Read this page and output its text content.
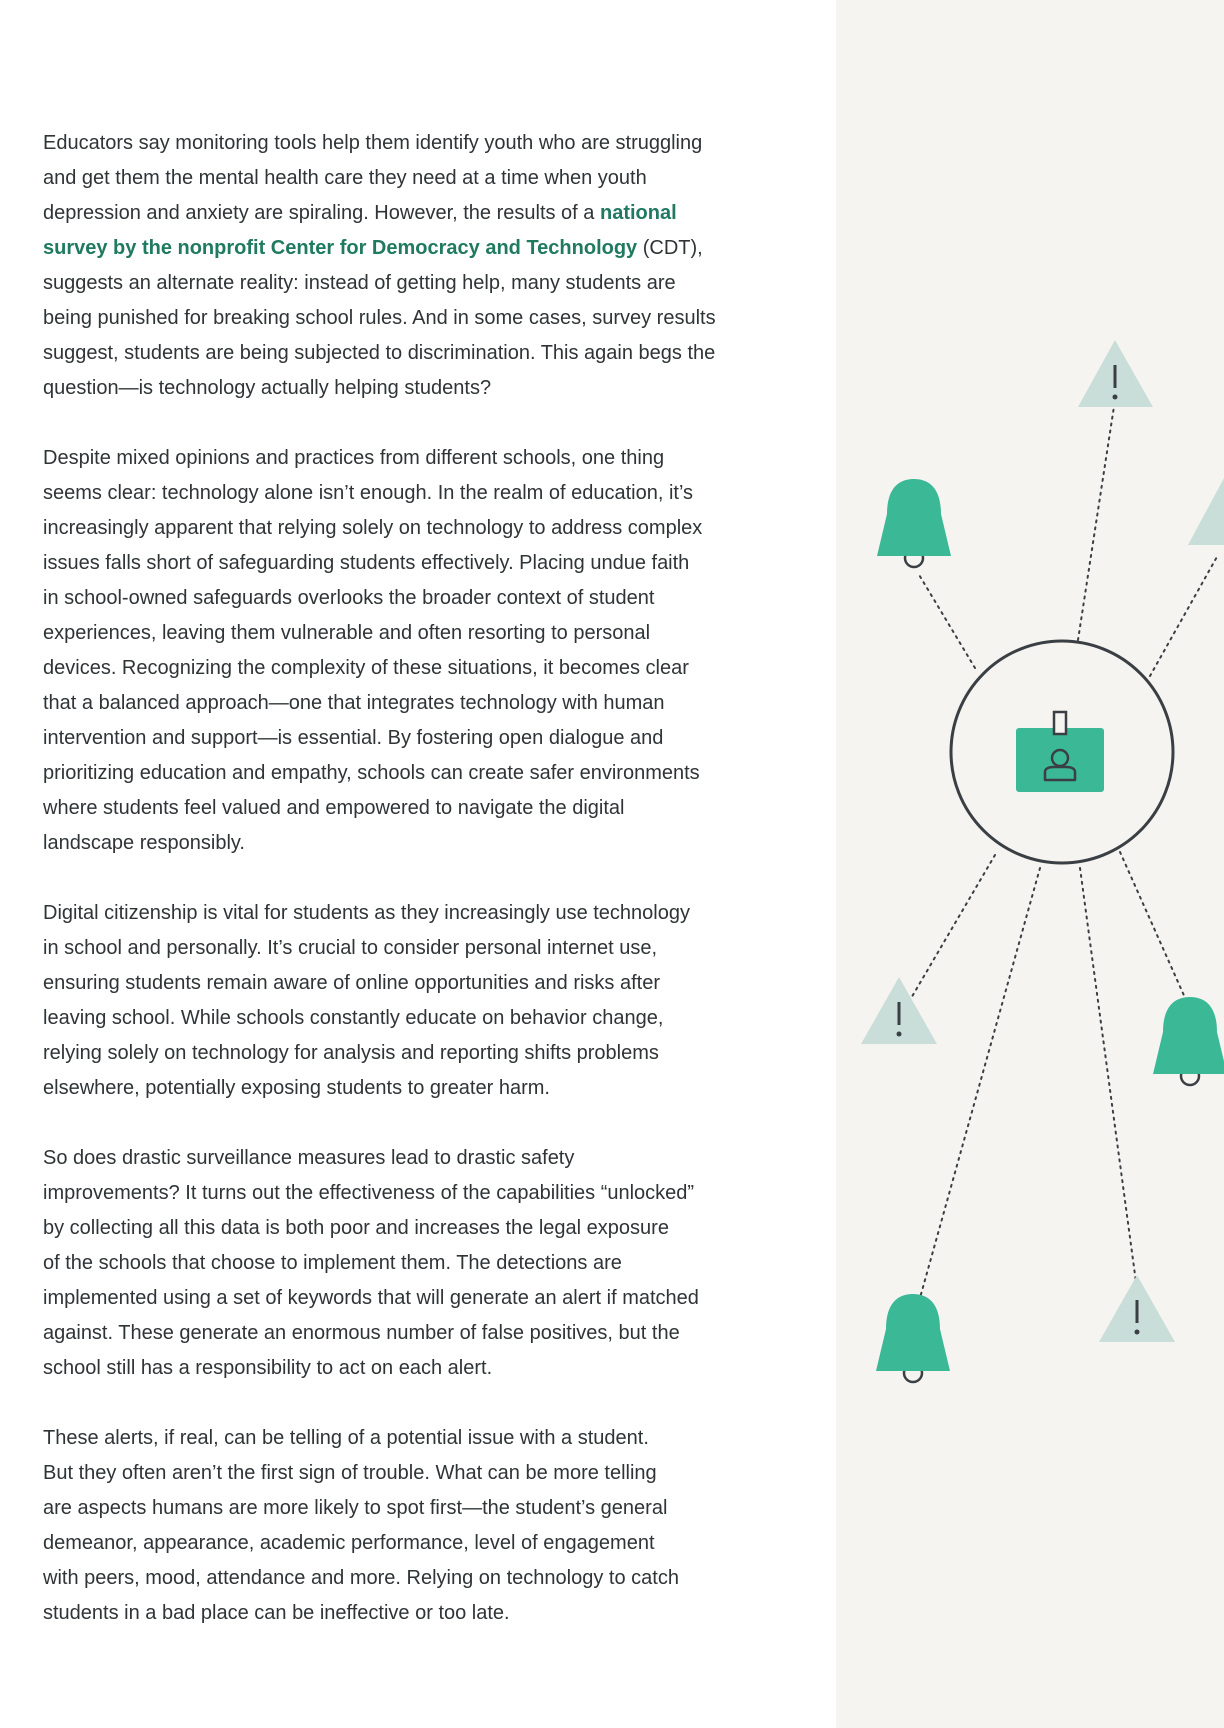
Educators say monitoring tools help them identify youth who are struggling
and get them the mental health care they need at a time when youth
depression and anxiety are spiraling. However, the results of a national
survey by the nonprofit Center for Democracy and Technology (CDT),
suggests an alternate reality: instead of getting help, many students are
being punished for breaking school rules. And in some cases, survey results
suggest, students are being subjected to discrimination. This again begs the
question—is technology actually helping students?

Despite mixed opinions and practices from different schools, one thing
seems clear: technology alone isn’t enough. In the realm of education, it’s
increasingly apparent that relying solely on technology to address complex
issues falls short of safeguarding students effectively. Placing undue faith
in school-owned safeguards overlooks the broader context of student
experiences, leaving them vulnerable and often resorting to personal
devices. Recognizing the complexity of these situations, it becomes clear
that a balanced approach—one that integrates technology with human
intervention and support—is essential. By fostering open dialogue and
prioritizing education and empathy, schools can create safer environments
where students feel valued and empowered to navigate the digital
landscape responsibly.

Digital citizenship is vital for students as they increasingly use technology
in school and personally. It’s crucial to consider personal internet use,
ensuring students remain aware of online opportunities and risks after
leaving school. While schools constantly educate on behavior change,
relying solely on technology for analysis and reporting shifts problems
elsewhere, potentially exposing students to greater harm.

So does drastic surveillance measures lead to drastic safety
improvements? It turns out the effectiveness of the capabilities “unlocked”
by collecting all this data is both poor and increases the legal exposure
of the schools that choose to implement them. The detections are
implemented using a set of keywords that will generate an alert if matched
against. These generate an enormous number of false positives, but the
school still has a responsibility to act on each alert.

These alerts, if real, can be telling of a potential issue with a student.
But they often aren’t the first sign of trouble. What can be more telling
are aspects humans are more likely to spot first—the student’s general
demeanor, appearance, academic performance, level of engagement
with peers, mood, attendance and more. Relying on technology to catch
students in a bad place can be ineffective or too late.
